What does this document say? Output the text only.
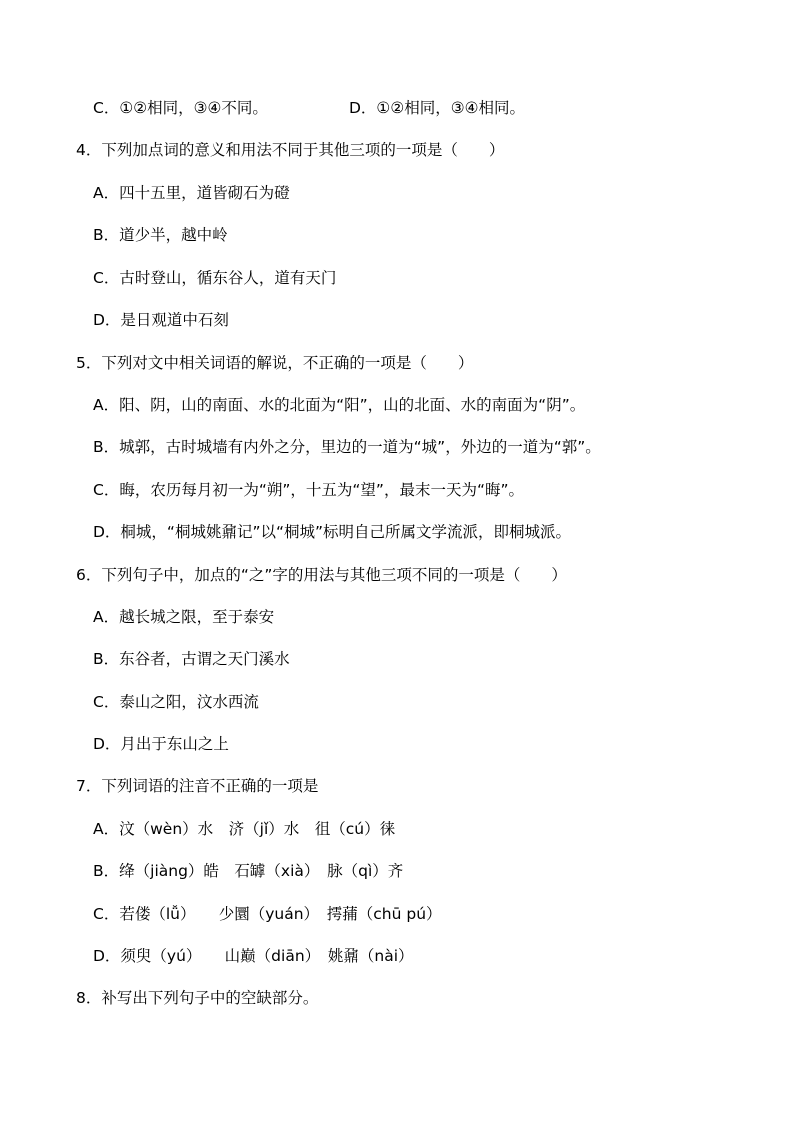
C．①②相同，③④不同。	D．①②相同，③④相同。
4．下列加点词的意义和用法不同于其他三项的一项是（　　）
A．四十五里，道皆砌石为磴
B．道少半，越中岭
C．古时登山，循东谷人，道有天门
D．是日观道中石刻
5．下列对文中相关词语的解说，不正确的一项是（　　）
A．阳、阴，山的南面、水的北面为“阳”，山的北面、水的南面为“阴”。
B．城郭，古时城墙有内外之分，里边的一道为“城”，外边的一道为“郭”。
C．晦，农历每月初一为“朔”，十五为“望”，最末一天为“晦”。
D．桐城，“桐城姚鼐记”以“桐城”标明自己所属文学流派，即桐城派。
6．下列句子中，加点的“之”字的用法与其他三项不同的一项是（　　）
A．越长城之限，至于泰安
B．东谷者，古谓之天门溪水
C．泰山之阳，汶水西流
D．月出于东山之上
7．下列词语的注音不正确的一项是
A．汶（wèn）水　济（jǐ）水　徂（cú）徕
B．绛（jiàng）皓　石罅（xià）　脉（qì）齐
C．若偻（lǚ）　　少圜（yuán）　摴蒱（chū pú）
D．须臾（yú）　　山巅（diān）　姚鼐（nài）
8．补写出下列句子中的空缺部分。
